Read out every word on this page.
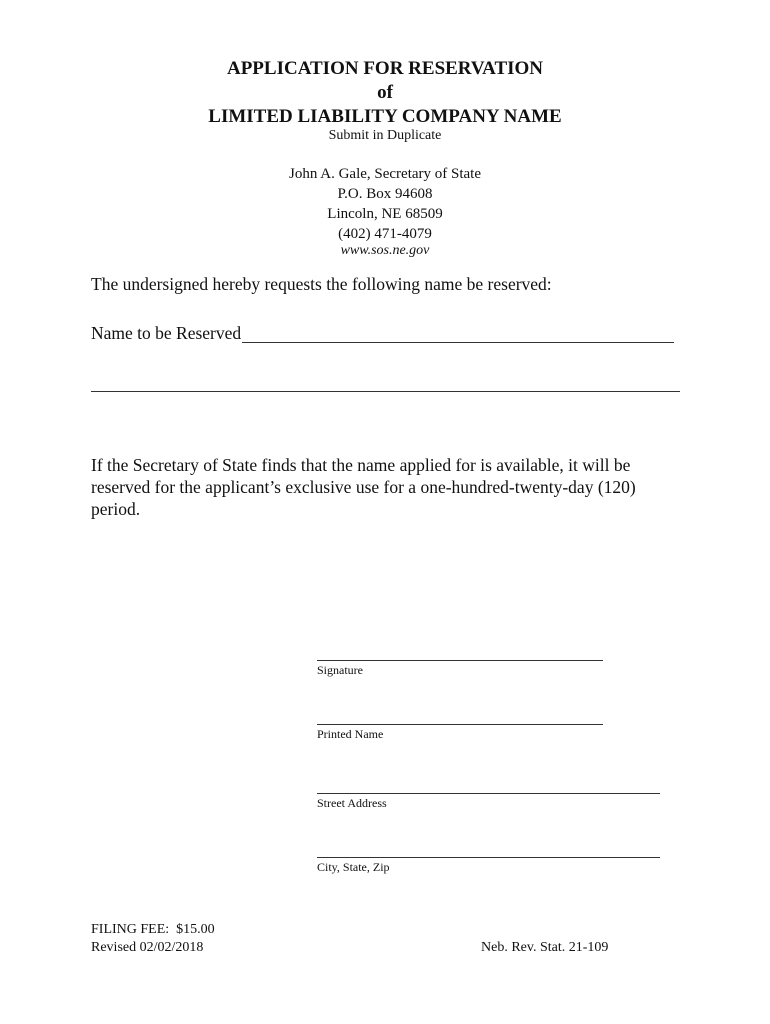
APPLICATION FOR RESERVATION
of
LIMITED LIABILITY COMPANY NAME
Submit in Duplicate
John A. Gale, Secretary of State
P.O. Box 94608
Lincoln, NE 68509
(402) 471-4079
www.sos.ne.gov
The undersigned hereby requests the following name be reserved:
Name to be Reserved
If the Secretary of State finds that the name applied for is available, it will be
reserved for the applicant’s exclusive use for a one-hundred-twenty-day (120)
period.
Signature
Printed Name
Street Address
City, State, Zip
FILING FEE:  $15.00
Revised 02/02/2018	Neb. Rev. Stat. 21-109
